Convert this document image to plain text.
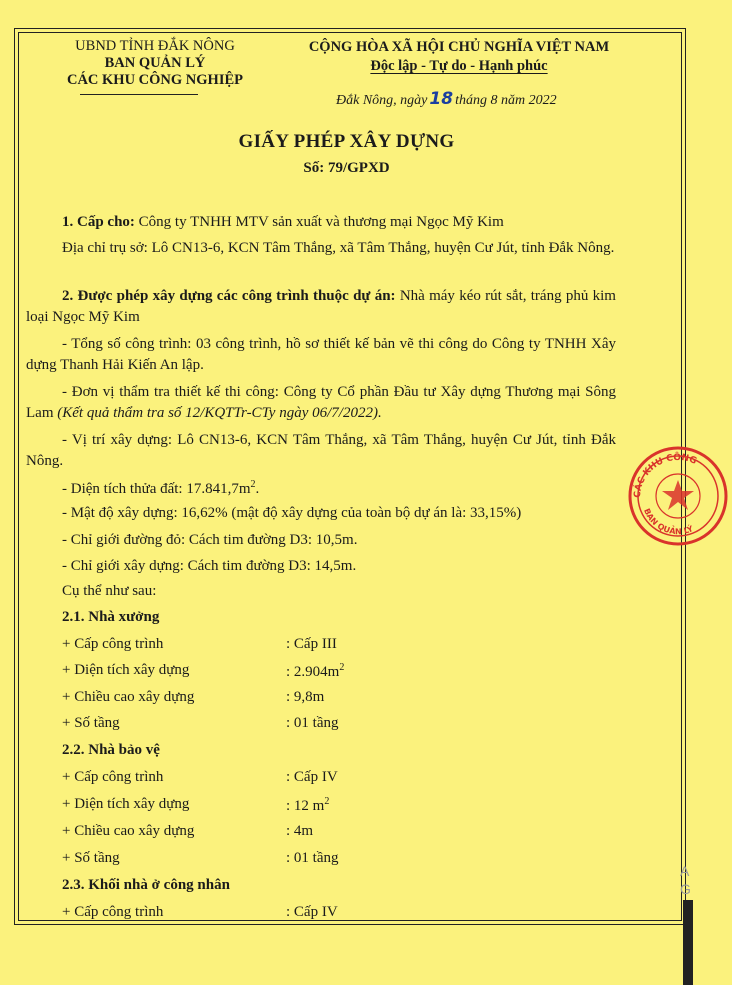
UBND TỈNH ĐẮK NÔNG
BAN QUẢN LÝ
CÁC KHU CÔNG NGHIỆP
CỘNG HÒA XÃ HỘI CHỦ NGHĨA VIỆT NAM
Độc lập - Tự do - Hạnh phúc
Đắk Nông, ngày 18 tháng 8 năm 2022
GIẤY PHÉP XÂY DỰNG
Số: 79/GPXD
1. Cấp cho: Công ty TNHH MTV sản xuất và thương mại Ngọc Mỹ Kim
Địa chỉ trụ sở: Lô CN13-6, KCN Tâm Thắng, xã Tâm Thắng, huyện Cư Jút, tỉnh Đắk Nông.
2. Được phép xây dựng các công trình thuộc dự án: Nhà máy kéo rút sắt, tráng phủ kim loại Ngọc Mỹ Kim
- Tổng số công trình: 03 công trình, hồ sơ thiết kế bản vẽ thi công do Công ty TNHH Xây dựng Thanh Hải Kiến An lập.
- Đơn vị thẩm tra thiết kế thi công: Công ty Cổ phần Đầu tư Xây dựng Thương mại Sông Lam (Kết quả thẩm tra số 12/KQTTr-CTy ngày 06/7/2022).
- Vị trí xây dựng: Lô CN13-6, KCN Tâm Thắng, xã Tâm Thắng, huyện Cư Jút, tỉnh Đắk Nông.
- Diện tích thửa đất: $17.841,7m^2$.
- Mật độ xây dựng: 16,62% (mật độ xây dựng của toàn bộ dự án là: 33,15%)
- Chỉ giới đường đỏ: Cách tim đường D3: 10,5m.
- Chỉ giới xây dựng: Cách tim đường D3: 14,5m.
Cụ thể như sau:
2.1. Nhà xưởng
+ Cấp công trình	: Cấp III
+ Diện tích xây dựng	: $2.904m^2$
+ Chiều cao xây dựng	: 9,8m
+ Số tầng	: 01 tầng
2.2. Nhà bảo vệ
+ Cấp công trình	: Cấp IV
+ Diện tích xây dựng	: 12 $m^2$
+ Chiều cao xây dựng	: 4m
+ Số tầng	: 01 tầng
2.3. Khối nhà ở công nhân
+ Cấp công trình	: Cấp IV
CÁC KHU CÔNG
BAN QUẢN LÝ
A
G
